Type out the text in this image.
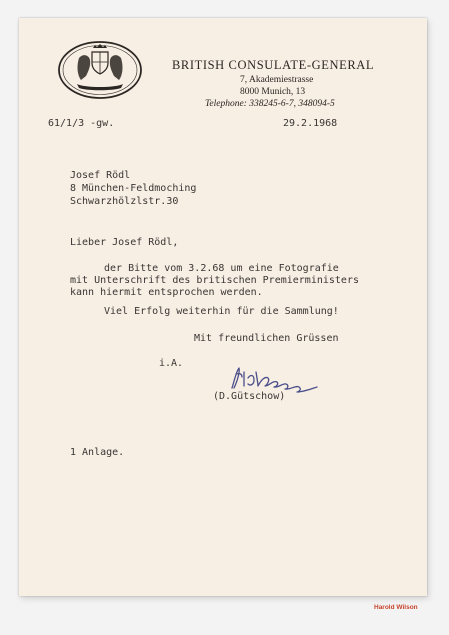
BRITISH CONSULATE-GENERAL
7, Akademiestrasse
8000 Munich, 13
Telephone: 338245-6-7, 348094-5
61/1/3 -gw.	29.2.1968
Josef Rödl
8 München-Feldmoching
Schwarzhölzlstr.30
Lieber Josef Rödl,
der Bitte vom 3.2.68 um eine Fotografie
mit Unterschrift des britischen Premierministers
kann hiermit entsprochen werden.
Viel Erfolg weiterhin für die Sammlung!
Mit freundlichen Grüssen
i.A.
(D.Gütschow)
1 Anlage.
Harold Wilson
